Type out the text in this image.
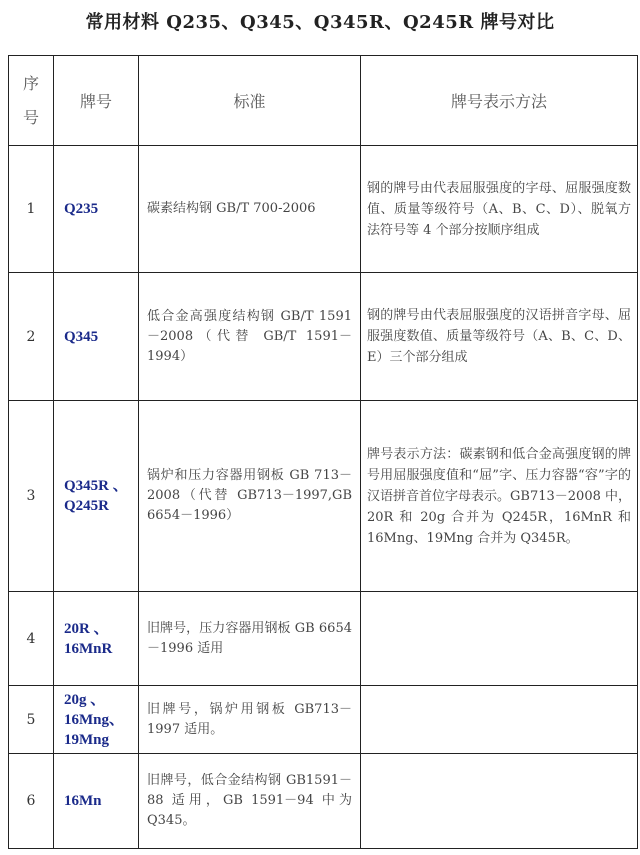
常用材料 Q235、Q345、Q345R、Q245R 牌号对比
序
号	牌号	标准	牌号表示方法
1	Q235	碳素结构钢 GB/T 700-2006	钢的牌号由代表屈服强度的字母、屈服强度数值、质量等级符号（A、B、C、D）、脱氧方法符号等 4 个部分按顺序组成
2	Q345	低合金高强度结构钢 GB/T 1591 －2008（代替 GB/T 1591－1994）	钢的牌号由代表屈服强度的汉语拼音字母、屈服强度数值、质量等级符号（A、B、C、D、E）三个部分组成
3	Q345R 、Q245R	锅炉和压力容器用钢板 GB 713－2008（代替 GB713－1997,GB 6654－1996）	牌号表示方法：碳素钢和低合金高强度钢的牌号用屈服强度值和“屈”字、压力容器“容”字的汉语拼音首位字母表示。GB713－2008 中，20R 和 20g 合并为 Q245R，16MnR 和 16Mng、19Mng 合并为 Q345R。
4	20R 、16MnR	旧牌号，压力容器用钢板 GB 6654－1996 适用	
5	20g 、16Mng、19Mng	旧牌号，锅炉用钢板 GB713－1997 适用。	
6	16Mn	旧牌号，低合金结构钢 GB1591－88 适用，GB 1591－94 中为 Q345。	
